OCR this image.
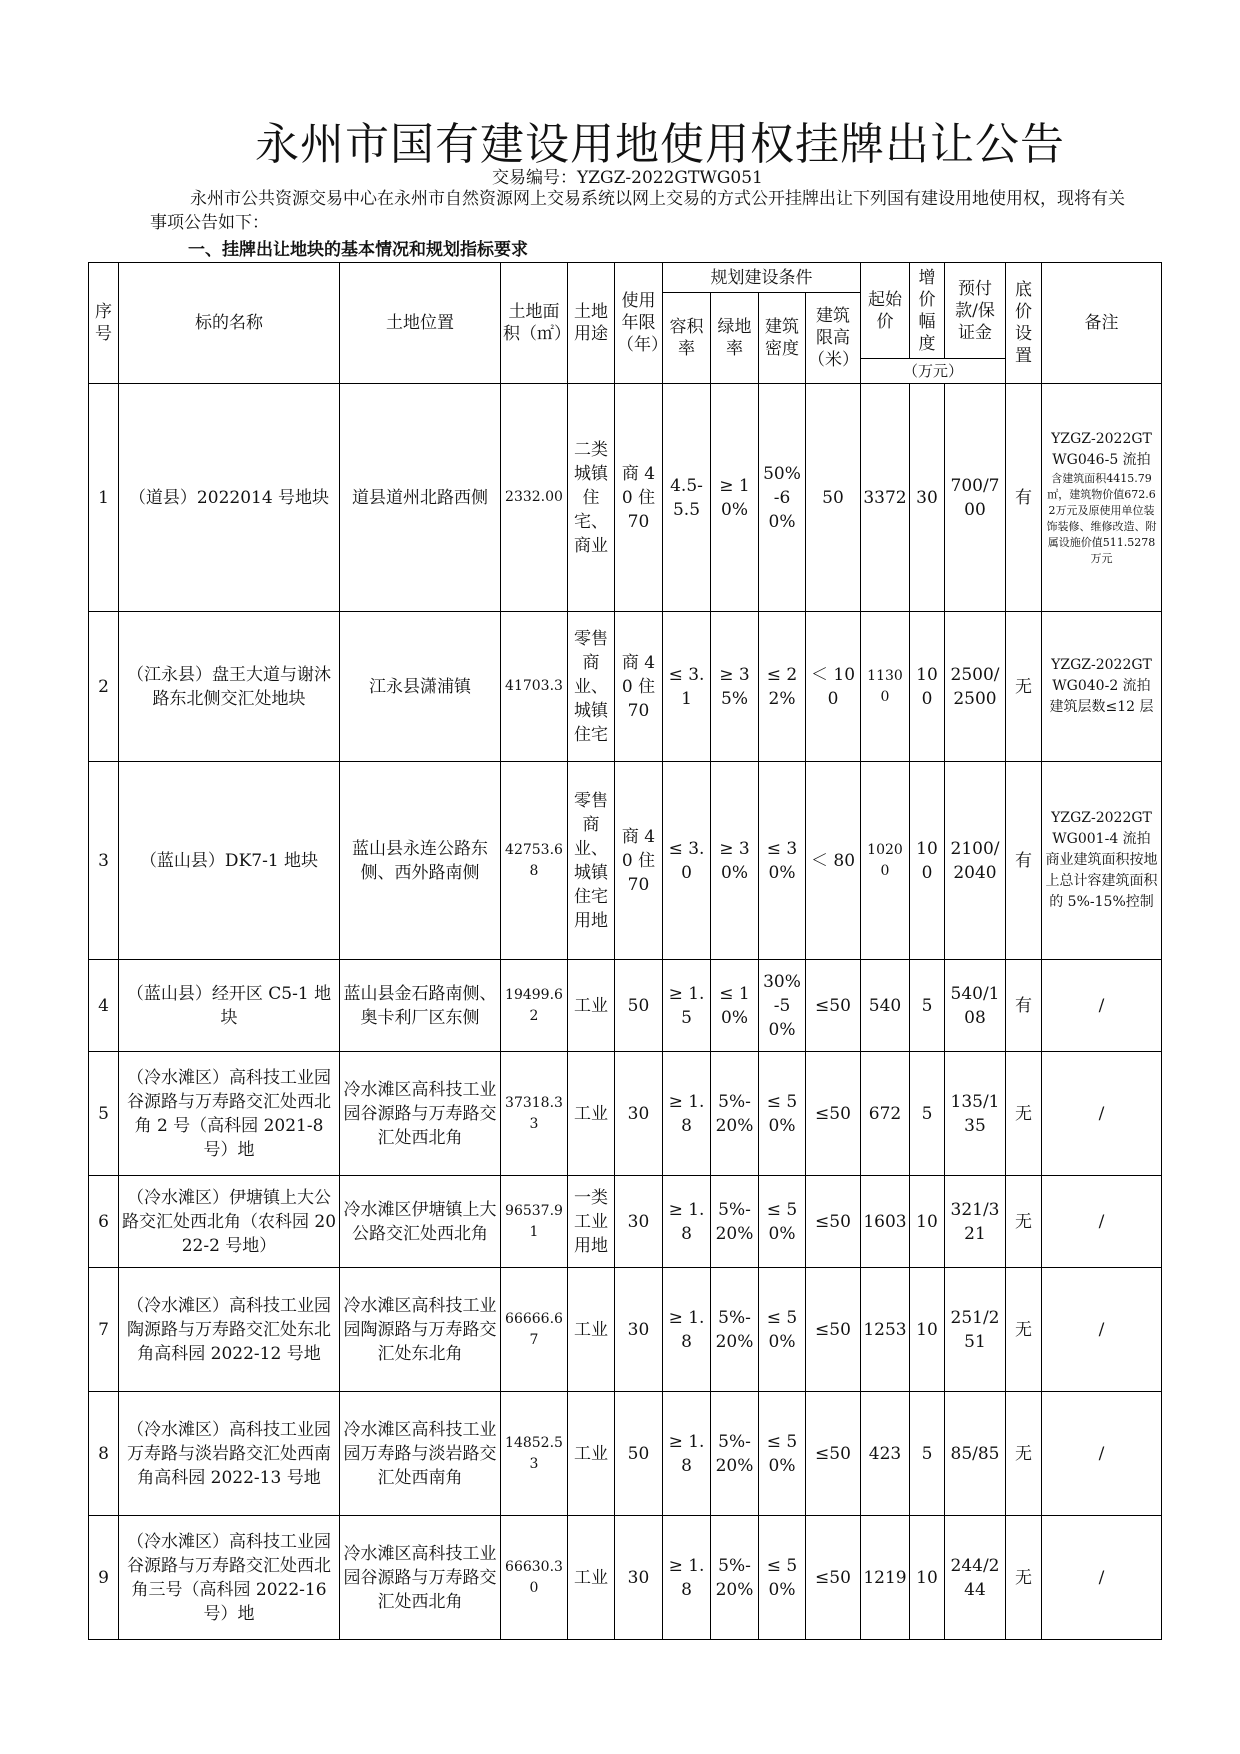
永州市国有建设用地使用权挂牌出让公告
交易编号：YZGZ-2022GTWG051
永州市公共资源交易中心在永州市自然资源网上交易系统以网上交易的方式公开挂牌出让下列国有建设用地使用权，现将有关事项公告如下：
一、挂牌出让地块的基本情况和规划指标要求
序号	标的名称	土地位置	土地面积（㎡）	土地用途	使用年限（年）	规划建设条件				起始价	增价幅度	预付款/保证金	底价设置	备注
						容积率	绿地率	建筑密度	建筑限高（米）					
										（万元）				
1	（道县）2022014 号地块	道县道州北路西侧	2332.00	二类城镇住宅、商业	商 40 住 70	4.5-5.5	≥ 10%	50%-60%	50	3372	30	700/700	有	YZGZ-2022GTWG046-5 流拍
含建筑面积4415.79㎡，建筑物价值672.62万元及原使用单位装饰装修、维修改造、附属设施价值511.5278万元

2	（江永县）盘王大道与谢沐路东北侧交汇处地块	江永县潇浦镇	41703.3	零售商业、城镇住宅	商 40 住 70	≤ 3.1	≥ 35%	≤ 22%	＜ 100	11300	100	2500/2500	无	YZGZ-2022GTWG040-2 流拍
建筑层数≤12 层

3	（蓝山县）DK7-1 地块	蓝山县永连公路东侧、西外路南侧	42753.68	零售商业、城镇住宅用地	商 40 住 70	≤ 3.0	≥ 30%	≤ 30%	＜ 80	10200	100	2100/2040	有	YZGZ-2022GTWG001-4 流拍
商业建筑面积按地上总计容建筑面积的 5%-15%控制

4	（蓝山县）经开区 C5-1 地块	蓝山县金石路南侧、奥卡利厂区东侧	19499.62	工业	50	≥ 1.5	≤ 10%	30%-50%	≤50	540	5	540/108	有	/

5	（冷水滩区）高科技工业园谷源路与万寿路交汇处西北角 2 号（高科园 2021-8 号）地	冷水滩区高科技工业园谷源路与万寿路交汇处西北角	37318.33	工业	30	≥ 1.8	5%-20%	≤ 50%	≤50	672	5	135/135	无	/

6	（冷水滩区）伊塘镇上大公路交汇处西北角（农科园 2022-2 号地）	冷水滩区伊塘镇上大公路交汇处西北角	96537.91	一类工业用地	30	≥ 1.8	5%-20%	≤ 50%	≤50	1603	10	321/321	无	/

7	（冷水滩区）高科技工业园陶源路与万寿路交汇处东北角高科园 2022-12 号地	冷水滩区高科技工业园陶源路与万寿路交汇处东北角	66666.67	工业	30	≥ 1.8	5%-20%	≤ 50%	≤50	1253	10	251/251	无	/

8	（冷水滩区）高科技工业园万寿路与淡岩路交汇处西南角高科园 2022-13 号地	冷水滩区高科技工业园万寿路与淡岩路交汇处西南角	14852.53	工业	50	≥ 1.8	5%-20%	≤ 50%	≤50	423	5	85/85	无	/

9	（冷水滩区）高科技工业园谷源路与万寿路交汇处西北角三号（高科园 2022-16 号）地	冷水滩区高科技工业园谷源路与万寿路交汇处西北角	66630.30	工业	30	≥ 1.8	5%-20%	≤ 50%	≤50	1219	10	244/244	无	/
